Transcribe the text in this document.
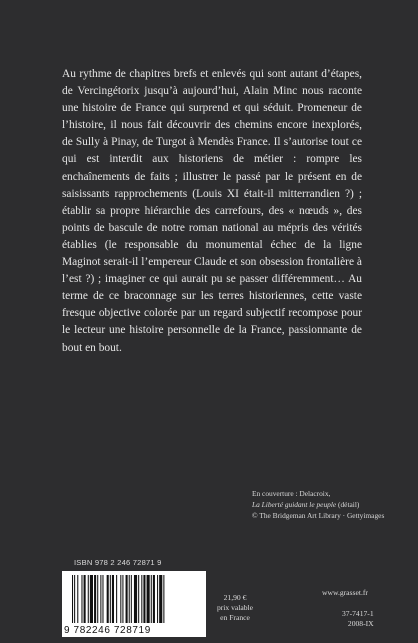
Au rythme de chapitres brefs et enlevés qui sont autant d’étapes, de Vercingétorix jusqu’à aujourd’hui, Alain Minc nous raconte une histoire de France qui surprend et qui séduit. Promeneur de l’histoire, il nous fait découvrir des chemins encore inexplorés, de Sully à Pinay, de Turgot à Mendès France. Il s’autorise tout ce qui est interdit aux historiens de métier : rompre les enchaînements de faits ; illustrer le passé par le présent en de saisissants rapprochements (Louis XI était-il mitterrandien ?) ; établir sa propre hiérarchie des carrefours, des « nœuds », des points de bascule de notre roman national au mépris des vérités établies (le responsable du monumental échec de la ligne Maginot serait-il l’empereur Claude et son obsession frontalière à l’est ?) ; imaginer ce qui aurait pu se passer différemment… Au terme de ce braconnage sur les terres historiennes, cette vaste fresque objective colorée par un regard subjectif recompose pour le lecteur une histoire personnelle de la France, passionnante de bout en bout.

En couverture : Delacroix,
La Liberté guidant le peuple (détail)
© The Bridgeman Art Library · Gettyimages
ISBN 978 2 246 72871 9
9 782246 728719
21,90 €
prix valable
en France
www.grasset.fr
37-7417-1
2008-IX
